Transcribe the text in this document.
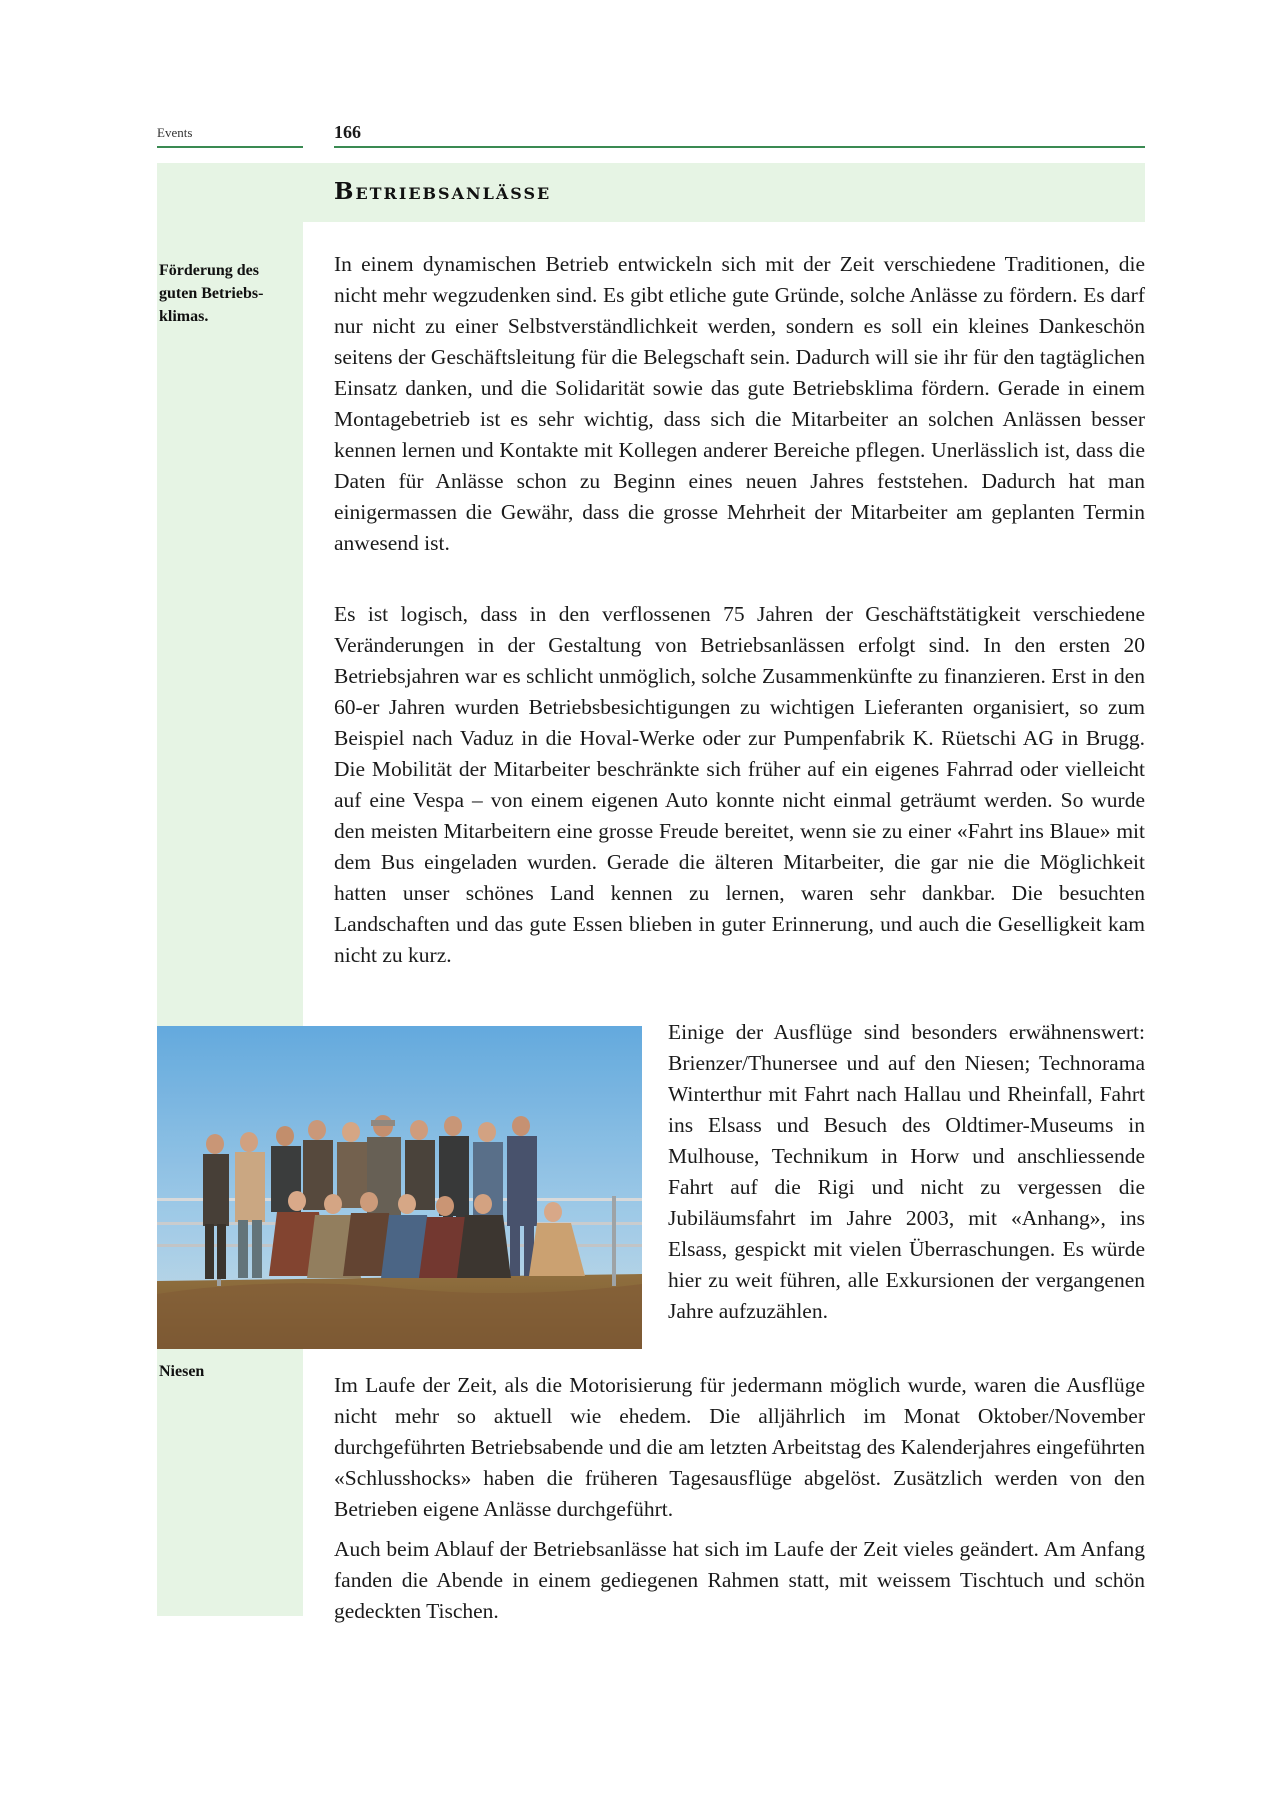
Events	166
Betriebsanlässe
Förderung des
guten Betriebs-
klimas.

In einem dynamischen Betrieb entwickeln sich mit der Zeit verschiedene Traditionen, die nicht mehr wegzudenken sind. Es gibt etliche gute Gründe, solche Anlässe zu fördern. Es darf nur nicht zu einer Selbstverständlichkeit werden, sondern es soll ein kleines Dankeschön seitens der Geschäftsleitung für die Belegschaft sein. Dadurch will sie ihr für den tagtäglichen Einsatz danken, und die Solidarität sowie das gute Betriebsklima fördern. Gerade in einem Montagebetrieb ist es sehr wichtig, dass sich die Mitarbeiter an solchen Anlässen besser kennen lernen und Kontakte mit Kollegen anderer Bereiche pflegen. Unerlässlich ist, dass die Daten für Anlässe schon zu Beginn eines neuen Jahres feststehen. Dadurch hat man einigermassen die Gewähr, dass die grosse Mehrheit der Mitarbeiter am geplanten Termin anwesend ist.

Es ist logisch, dass in den verflossenen 75 Jahren der Geschäftstätigkeit verschiedene Veränderungen in der Gestaltung von Betriebsanlässen erfolgt sind. In den ersten 20 Betriebsjahren war es schlicht unmöglich, solche Zusammenkünfte zu finanzieren. Erst in den 60-er Jahren wurden Betriebsbesichtigungen zu wichtigen Lieferanten organisiert, so zum Beispiel nach Vaduz in die Hoval-Werke oder zur Pumpenfabrik K. Rüetschi AG in Brugg. Die Mobilität der Mitarbeiter beschränkte sich früher auf ein eigenes Fahrrad oder vielleicht auf eine Vespa – von einem eigenen Auto konnte nicht einmal geträumt werden. So wurde den meisten Mitarbeitern eine grosse Freude bereitet, wenn sie zu einer «Fahrt ins Blaue» mit dem Bus eingeladen wurden. Gerade die älteren Mitarbeiter, die gar nie die Möglichkeit hatten unser schönes Land kennen zu lernen, waren sehr dankbar. Die besuchten Landschaften und das gute Essen blieben in guter Erinnerung, und auch die Geselligkeit kam nicht zu kurz.

Einige der Ausflüge sind besonders erwähnenswert: Brienzer/Thunersee und auf den Niesen; Technorama Winterthur mit Fahrt nach Hallau und Rheinfall, Fahrt ins Elsass und Besuch des Oldtimer-Museums in Mulhouse, Technikum in Horw und anschliessende Fahrt auf die Rigi und nicht zu vergessen die Jubiläumsfahrt im Jahre 2003, mit «Anhang», ins Elsass, gespickt mit vielen Überraschungen. Es würde hier zu weit führen, alle Exkursionen der vergangenen Jahre aufzuzählen.

Niesen

Im Laufe der Zeit, als die Motorisierung für jedermann möglich wurde, waren die Ausflüge nicht mehr so aktuell wie ehedem. Die alljährlich im Monat Oktober/November durchgeführten Betriebsabende und die am letzten Arbeitstag des Kalenderjahres eingeführten «Schlusshocks» haben die früheren Tagesausflüge abgelöst. Zusätzlich werden von den Betrieben eigene Anlässe durchgeführt.

Auch beim Ablauf der Betriebsanlässe hat sich im Laufe der Zeit vieles geändert. Am Anfang fanden die Abende in einem gediegenen Rahmen statt, mit weissem Tischtuch und schön gedeckten Tischen.
